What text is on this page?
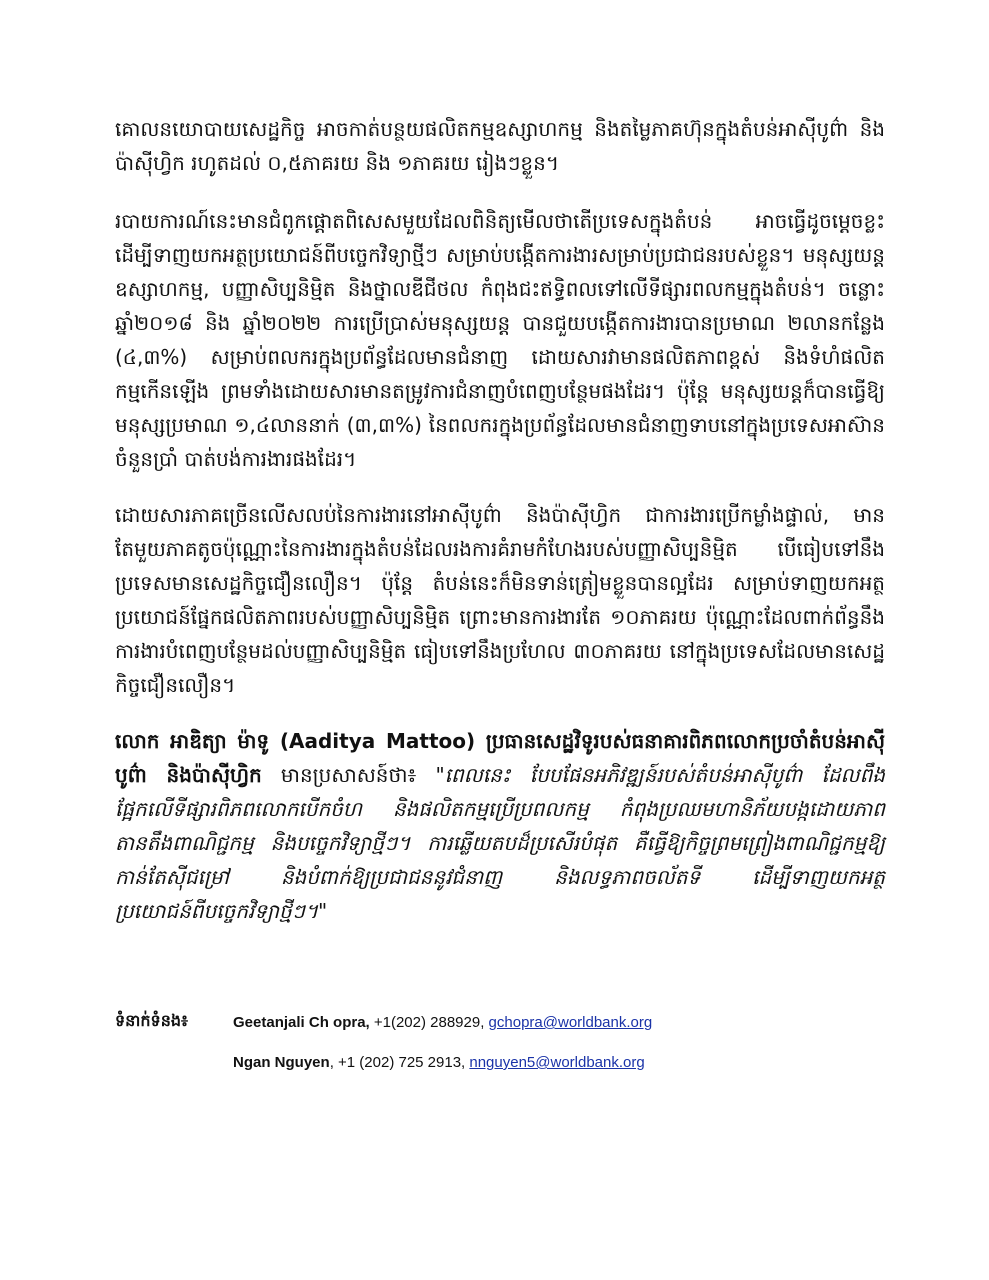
គោលនយោបាយសេដ្ឋកិច្ច អាចកាត់បន្ថយផលិតកម្មឧស្សាហកម្ម និងតម្លៃភាគហ៊ុនក្នុងតំបន់អាស៊ីបូព៌ា និងប៉ាស៊ីហ្វិក រហូតដល់ ០,៥ភាគរយ និង ១ភាគរយ រៀងៗខ្លួន។

របាយការណ៍នេះមានជំពូកផ្តោតពិសេសមួយដែលពិនិត្យមើលថាតើប្រទេសក្នុងតំបន់ អាចធ្វើដូចម្តេចខ្លះដើម្បីទាញយកអត្ថប្រយោជន៍ពីបច្ចេកវិទ្យាថ្មីៗ សម្រាប់បង្កើតការងារសម្រាប់ប្រជាជនរបស់ខ្លួន។ មនុស្សយន្តឧស្សាហកម្ម, បញ្ញាសិប្បនិម្មិត និងថ្នាលឌីជីថល កំពុងជះឥទ្ធិពលទៅលើទីផ្សារពលកម្មក្នុងតំបន់។ ចន្លោះឆ្នាំ២០១៨ និង ឆ្នាំ២០២២ ការប្រើប្រាស់មនុស្សយន្ត បានជួយបង្កើតការងារបានប្រមាណ ២លានកន្លែង (៤,៣%) សម្រាប់ពលករក្នុងប្រព័ន្ធដែលមានជំនាញ ដោយសារវាមានផលិតភាពខ្ពស់ និងទំហំផលិតកម្មកើនឡើង ព្រមទាំងដោយសារមានតម្រូវការជំនាញបំពេញបន្ថែមផងដែរ។ ប៉ុន្តែ មនុស្សយន្តក៏បានធ្វើឱ្យមនុស្សប្រមាណ ១,៤លាននាក់ (៣,៣%) នៃពលករក្នុងប្រព័ន្ធដែលមានជំនាញទាបនៅក្នុងប្រទេសអាស៊ានចំនួនប្រាំ បាត់បង់ការងារផងដែរ។

ដោយសារភាគច្រើនលើសលប់នៃការងារនៅអាស៊ីបូព៌ា និងប៉ាស៊ីហ្វិក ជាការងារប្រើកម្លាំងផ្ទាល់, មានតែមួយភាគតូចប៉ុណ្ណោះនៃការងារក្នុងតំបន់ដែលរងការគំរាមកំហែងរបស់បញ្ញាសិប្បនិម្មិត បើធៀបទៅនឹងប្រទេសមានសេដ្ឋកិច្ចជឿនលឿន។ ប៉ុន្តែ តំបន់នេះក៏មិនទាន់ត្រៀមខ្លួនបានល្អដែរ សម្រាប់ទាញយកអត្ថប្រយោជន៍ផ្នែកផលិតភាពរបស់បញ្ញាសិប្បនិម្មិត ព្រោះមានការងារតែ ១០ភាគរយ ប៉ុណ្ណោះដែលពាក់ព័ន្ធនឹងការងារបំពេញបន្ថែមដល់បញ្ញាសិប្បនិម្មិត ធៀបទៅនឹងប្រហែល ៣០ភាគរយ នៅក្នុងប្រទេសដែលមានសេដ្ឋកិច្ចជឿនលឿន។

លោក អាឌិត្យា ម៉ាទូ (Aaditya Mattoo) ប្រធានសេដ្ឋវិទូរបស់ធនាគារពិភពលោកប្រចាំតំបន់អាស៊ីបូព៌ា និងប៉ាស៊ីហ្វិក មានប្រសាសន៍ថា៖ "ពេលនេះ បែបផែនអភិវឌ្ឍន៍របស់តំបន់អាស៊ីបូព៌ា ដែលពឹងផ្អែកលើទីផ្សារពិភពលោកបើកចំហ និងផលិតកម្មប្រើប្រពលកម្ម កំពុងប្រឈមហានិភ័យបង្កដោយភាពតានតឹងពាណិជ្ជកម្ម និងបច្ចេកវិទ្យាថ្មីៗ។ ការឆ្លើយតបដ៏ប្រសើរបំផុត គឺធ្វើឱ្យកិច្ចព្រមព្រៀងពាណិជ្ជកម្មឱ្យកាន់តែស៊ីជម្រៅ និងបំពាក់ឱ្យប្រជាជននូវជំនាញ និងលទ្ធភាពចល័តទី ដើម្បីទាញយកអត្ថប្រយោជន៍ពីបច្ចេកវិទ្យាថ្មីៗ។"

ទំនាក់ទំនង៖	Geetanjali Ch opra, +1(202) 288929, gchopra@worldbank.org
Ngan Nguyen, +1 (202) 725 2913, nnguyen5@worldbank.org
